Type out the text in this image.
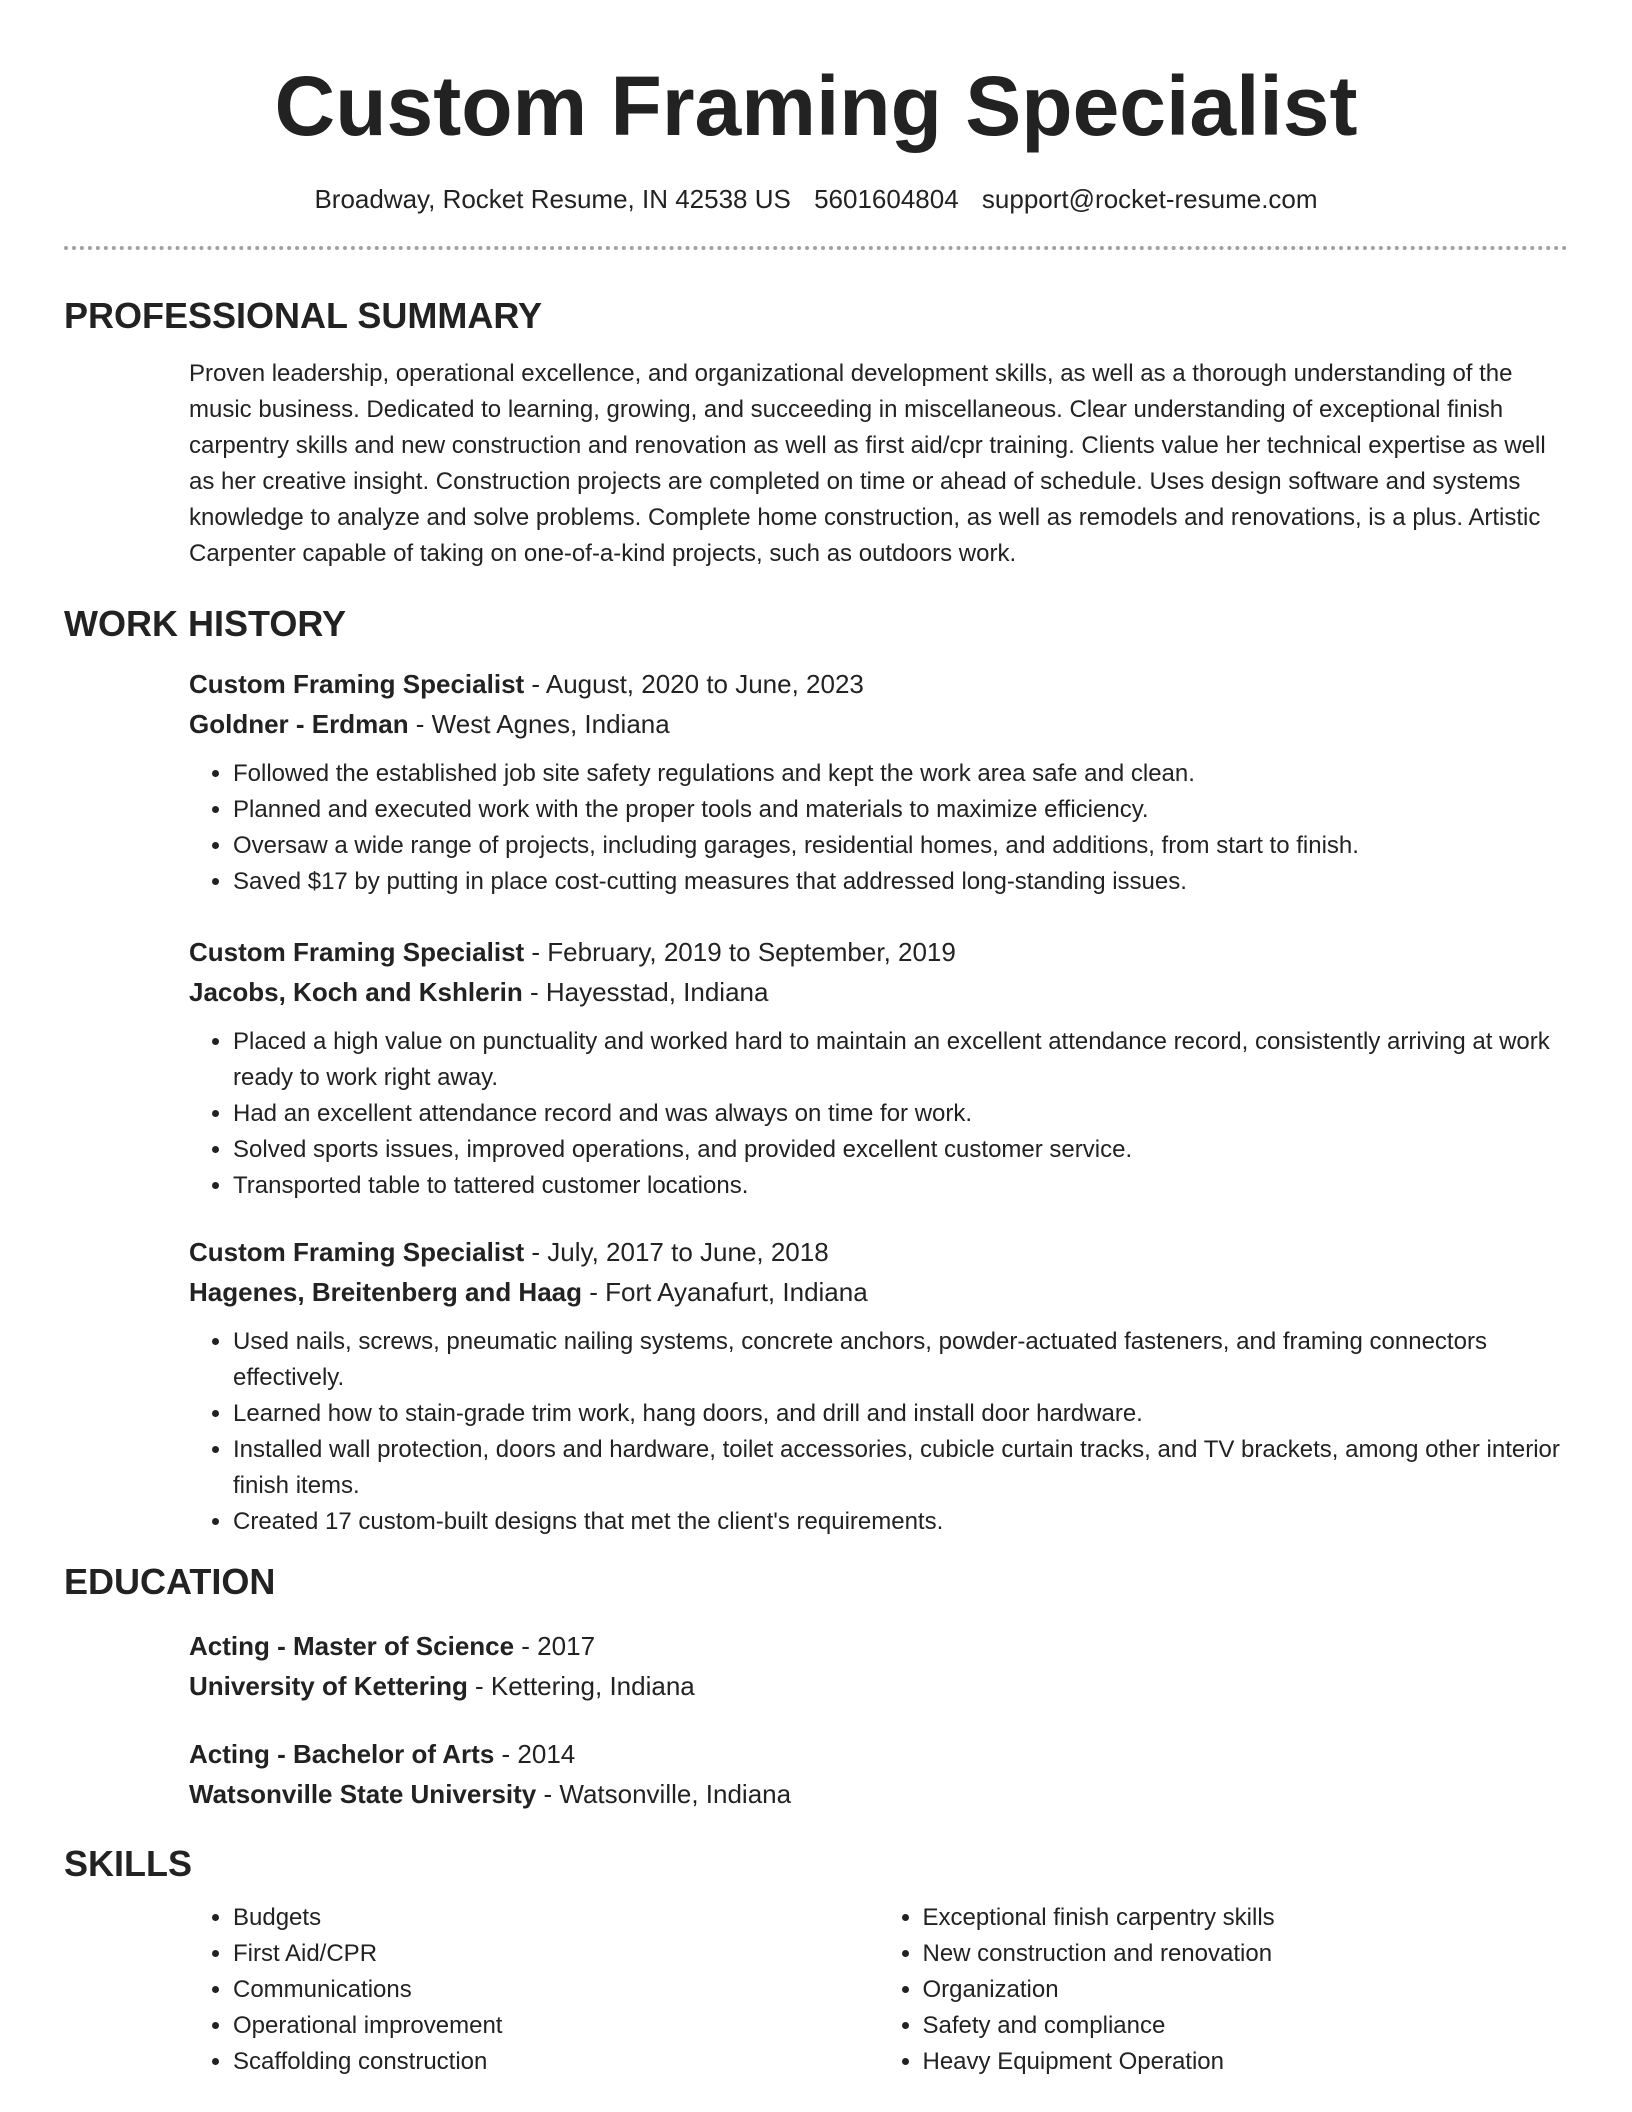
Custom Framing Specialist
Broadway, Rocket Resume, IN 42538 US 5601604804 support@rocket-resume.com
PROFESSIONAL SUMMARY

Proven leadership, operational excellence, and organizational development skills, as well as a thorough understanding of the music business. Dedicated to learning, growing, and succeeding in miscellaneous. Clear understanding of exceptional finish carpentry skills and new construction and renovation as well as first aid/cpr training. Clients value her technical expertise as well as her creative insight. Construction projects are completed on time or ahead of schedule. Uses design software and systems knowledge to analyze and solve problems. Complete home construction, as well as remodels and renovations, is a plus. Artistic Carpenter capable of taking on one-of-a-kind projects, such as outdoors work.

WORK HISTORY

Custom Framing Specialist - August, 2020 to June, 2023

Goldner - Erdman - West Agnes, Indiana

• Followed the established job site safety regulations and kept the work area safe and clean.
• Planned and executed work with the proper tools and materials to maximize efficiency.
• Oversaw a wide range of projects, including garages, residential homes, and additions, from start to finish.
• Saved $17 by putting in place cost-cutting measures that addressed long-standing issues.

Custom Framing Specialist - February, 2019 to September, 2019

Jacobs, Koch and Kshlerin - Hayesstad, Indiana

• Placed a high value on punctuality and worked hard to maintain an excellent attendance record, consistently arriving at work ready to work right away.
• Had an excellent attendance record and was always on time for work.
• Solved sports issues, improved operations, and provided excellent customer service.
• Transported table to tattered customer locations.

Custom Framing Specialist - July, 2017 to June, 2018

Hagenes, Breitenberg and Haag - Fort Ayanafurt, Indiana

• Used nails, screws, pneumatic nailing systems, concrete anchors, powder-actuated fasteners, and framing connectors effectively.
• Learned how to stain-grade trim work, hang doors, and drill and install door hardware.
• Installed wall protection, doors and hardware, toilet accessories, cubicle curtain tracks, and TV brackets, among other interior finish items.
• Created 17 custom-built designs that met the client's requirements.
EDUCATION

Acting - Master of Science - 2017

University of Kettering - Kettering, Indiana

Acting - Bachelor of Arts - 2014

Watsonville State University - Watsonville, Indiana

SKILLS
• Budgets
• First Aid/CPR
• Communications
• Operational improvement
• Scaffolding construction
• Exceptional finish carpentry skills
• New construction and renovation
• Organization
• Safety and compliance
• Heavy Equipment Operation
